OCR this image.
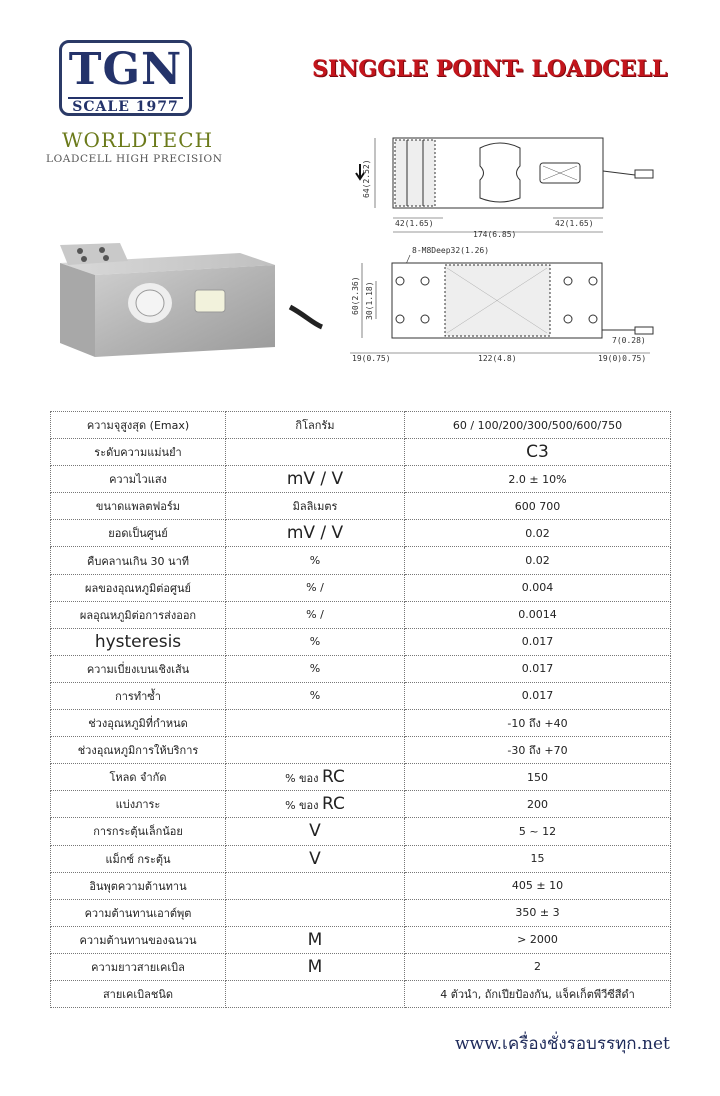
TGN
SCALE 1977
WORLDTECH
LOADCELL HIGH PRECISION
SINGGLE POINT- LOADCELL
64(2.52)
42(1.65)	42(1.65)
174(6.85)
8-M8Deep32(1.26)
60(2.36) 30(1.18)
7(0.28)
19(0.75)	122(4.8)	19(0)0.75)
ความจุสูงสุด (Emax)	กิโลกรัม	60 / 100/200/300/500/600/750
ระดับความแม่นยำ		C3
ความไวแสง	mV / V	2.0 ± 10%
ขนาดแพลตฟอร์ม	มิลลิเมตร	600 700
ยอดเป็นศูนย์	mV / V	0.02
คืบคลานเกิน 30 นาที	%	0.02
ผลของอุณหภูมิต่อศูนย์	% /	0.004
ผลอุณหภูมิต่อการส่งออก	% /	0.0014
hysteresis	%	0.017
ความเบี่ยงเบนเชิงเส้น	%	0.017
การทำซ้ำ	%	0.017
ช่วงอุณหภูมิที่กำหนด		-10 ถึง +40
ช่วงอุณหภูมิการให้บริการ		-30 ถึง +70
โหลด จำกัด	% ของ RC	150
แบ่งภาระ	% ของ RC	200
การกระตุ้นเล็กน้อย	V	5 ~ 12
แม็กซ์ กระตุ้น	V	15
อินพุตความต้านทาน		405 ± 10
ความต้านทานเอาต์พุต		350 ± 3
ความต้านทานของฉนวน	M	> 2000
ความยาวสายเคเบิล	M	2
สายเคเบิลชนิด		4 ตัวนำ, ถักเปียป้องกัน, แจ็คเก็ตพีวีซีสีดำ
www.เครื่องชั่งรอบรรทุก.net
